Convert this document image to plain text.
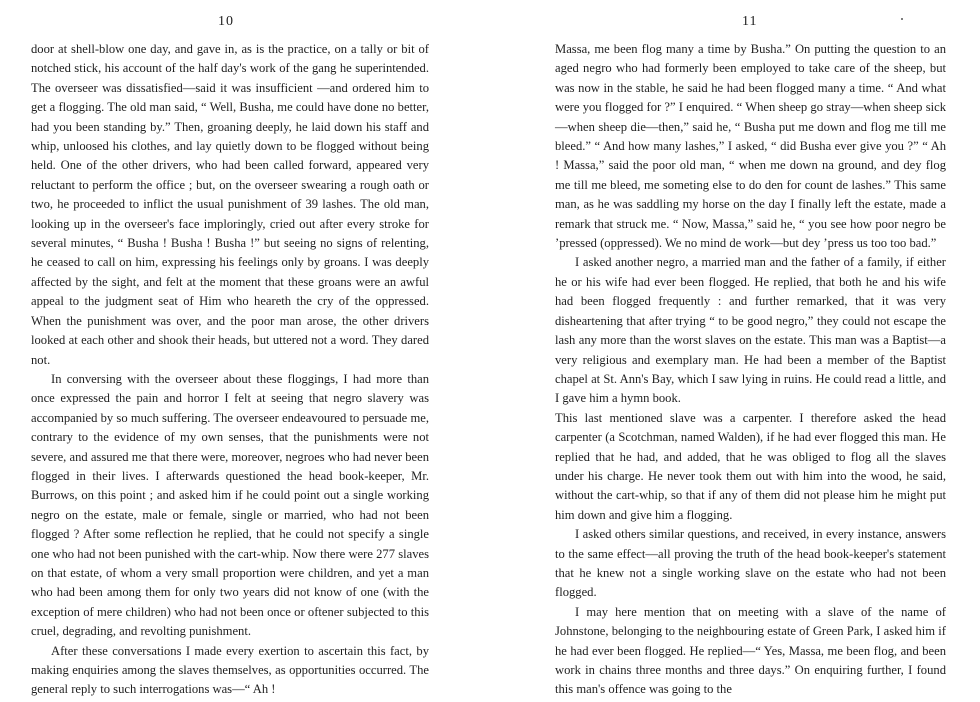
10

door at shell-blow one day, and gave in, as is the practice, on a tally or bit of notched stick, his account of the half day's work of the gang he superintended. The overseer was dissatisfied—said it was insufficient —and ordered him to get a flogging. The old man said, “ Well, Busha, me could have done no better, had you been standing by.” Then, groaning deeply, he laid down his staff and whip, unloosed his clothes, and lay quietly down to be flogged without being held. One of the other drivers, who had been called forward, appeared very reluctant to perform the office ; but, on the overseer swearing a rough oath or two, he proceeded to inflict the usual punishment of 39 lashes. The old man, looking up in the overseer's face imploringly, cried out after every stroke for several minutes, “ Busha ! Busha ! Busha !” but seeing no signs of relenting, he ceased to call on him, expressing his feelings only by groans. I was deeply affected by the sight, and felt at the moment that these groans were an awful appeal to the judgment seat of Him who heareth the cry of the oppressed. When the punishment was over, and the poor man arose, the other drivers looked at each other and shook their heads, but uttered not a word. They dared not.

In conversing with the overseer about these floggings, I had more than once expressed the pain and horror I felt at seeing that negro slavery was accompanied by so much suffering. The overseer endeavoured to persuade me, contrary to the evidence of my own senses, that the punishments were not severe, and assured me that there were, moreover, negroes who had never been flogged in their lives. I afterwards questioned the head book-keeper, Mr. Burrows, on this point ; and asked him if he could point out a single working negro on the estate, male or female, single or married, who had not been flogged ? After some reflection he replied, that he could not specify a single one who had not been punished with the cart-whip. Now there were 277 slaves on that estate, of whom a very small proportion were children, and yet a man who had been among them for only two years did not know of one (with the exception of mere children) who had not been once or oftener subjected to this cruel, degrading, and revolting punishment.

After these conversations I made every exertion to ascertain this fact, by making enquiries among the slaves themselves, as opportunities occurred. The general reply to such interrogations was—“ Ah !

11

Massa, me been flog many a time by Busha.” On putting the question to an aged negro who had formerly been employed to take care of the sheep, but was now in the stable, he said he had been flogged many a time. “ And what were you flogged for ?” I enquired. “ When sheep go stray—when sheep sick—when sheep die—then,” said he, “ Busha put me down and flog me till me bleed.” “ And how many lashes,” I asked, “ did Busha ever give you ?” “ Ah ! Massa,” said the poor old man, “ when me down na ground, and dey flog me till me bleed, me someting else to do den for count de lashes.” This same man, as he was saddling my horse on the day I finally left the estate, made a remark that struck me. “ Now, Massa,” said he, “ you see how poor negro be ’pressed (oppressed). We no mind de work—but dey ’press us too too bad.”

I asked another negro, a married man and the father of a family, if either he or his wife had ever been flogged. He replied, that both he and his wife had been flogged frequently : and further remarked, that it was very disheartening that after trying “ to be good negro,” they could not escape the lash any more than the worst slaves on the estate. This man was a Baptist—a very religious and exemplary man. He had been a member of the Baptist chapel at St. Ann's Bay, which I saw lying in ruins. He could read a little, and I gave him a hymn book.

This last mentioned slave was a carpenter. I therefore asked the head carpenter (a Scotchman, named Walden), if he had ever flogged this man. He replied that he had, and added, that he was obliged to flog all the slaves under his charge. He never took them out with him into the wood, he said, without the cart-whip, so that if any of them did not please him he might put him down and give him a flogging.

I asked others similar questions, and received, in every instance, answers to the same effect—all proving the truth of the head book-keeper's statement that he knew not a single working slave on the estate who had not been flogged.

I may here mention that on meeting with a slave of the name of Johnstone, belonging to the neighbouring estate of Green Park, I asked him if he had ever been flogged. He replied—“ Yes, Massa, me been flog, and been work in chains three months and three days.” On enquiring further, I found this man's offence was going to the
